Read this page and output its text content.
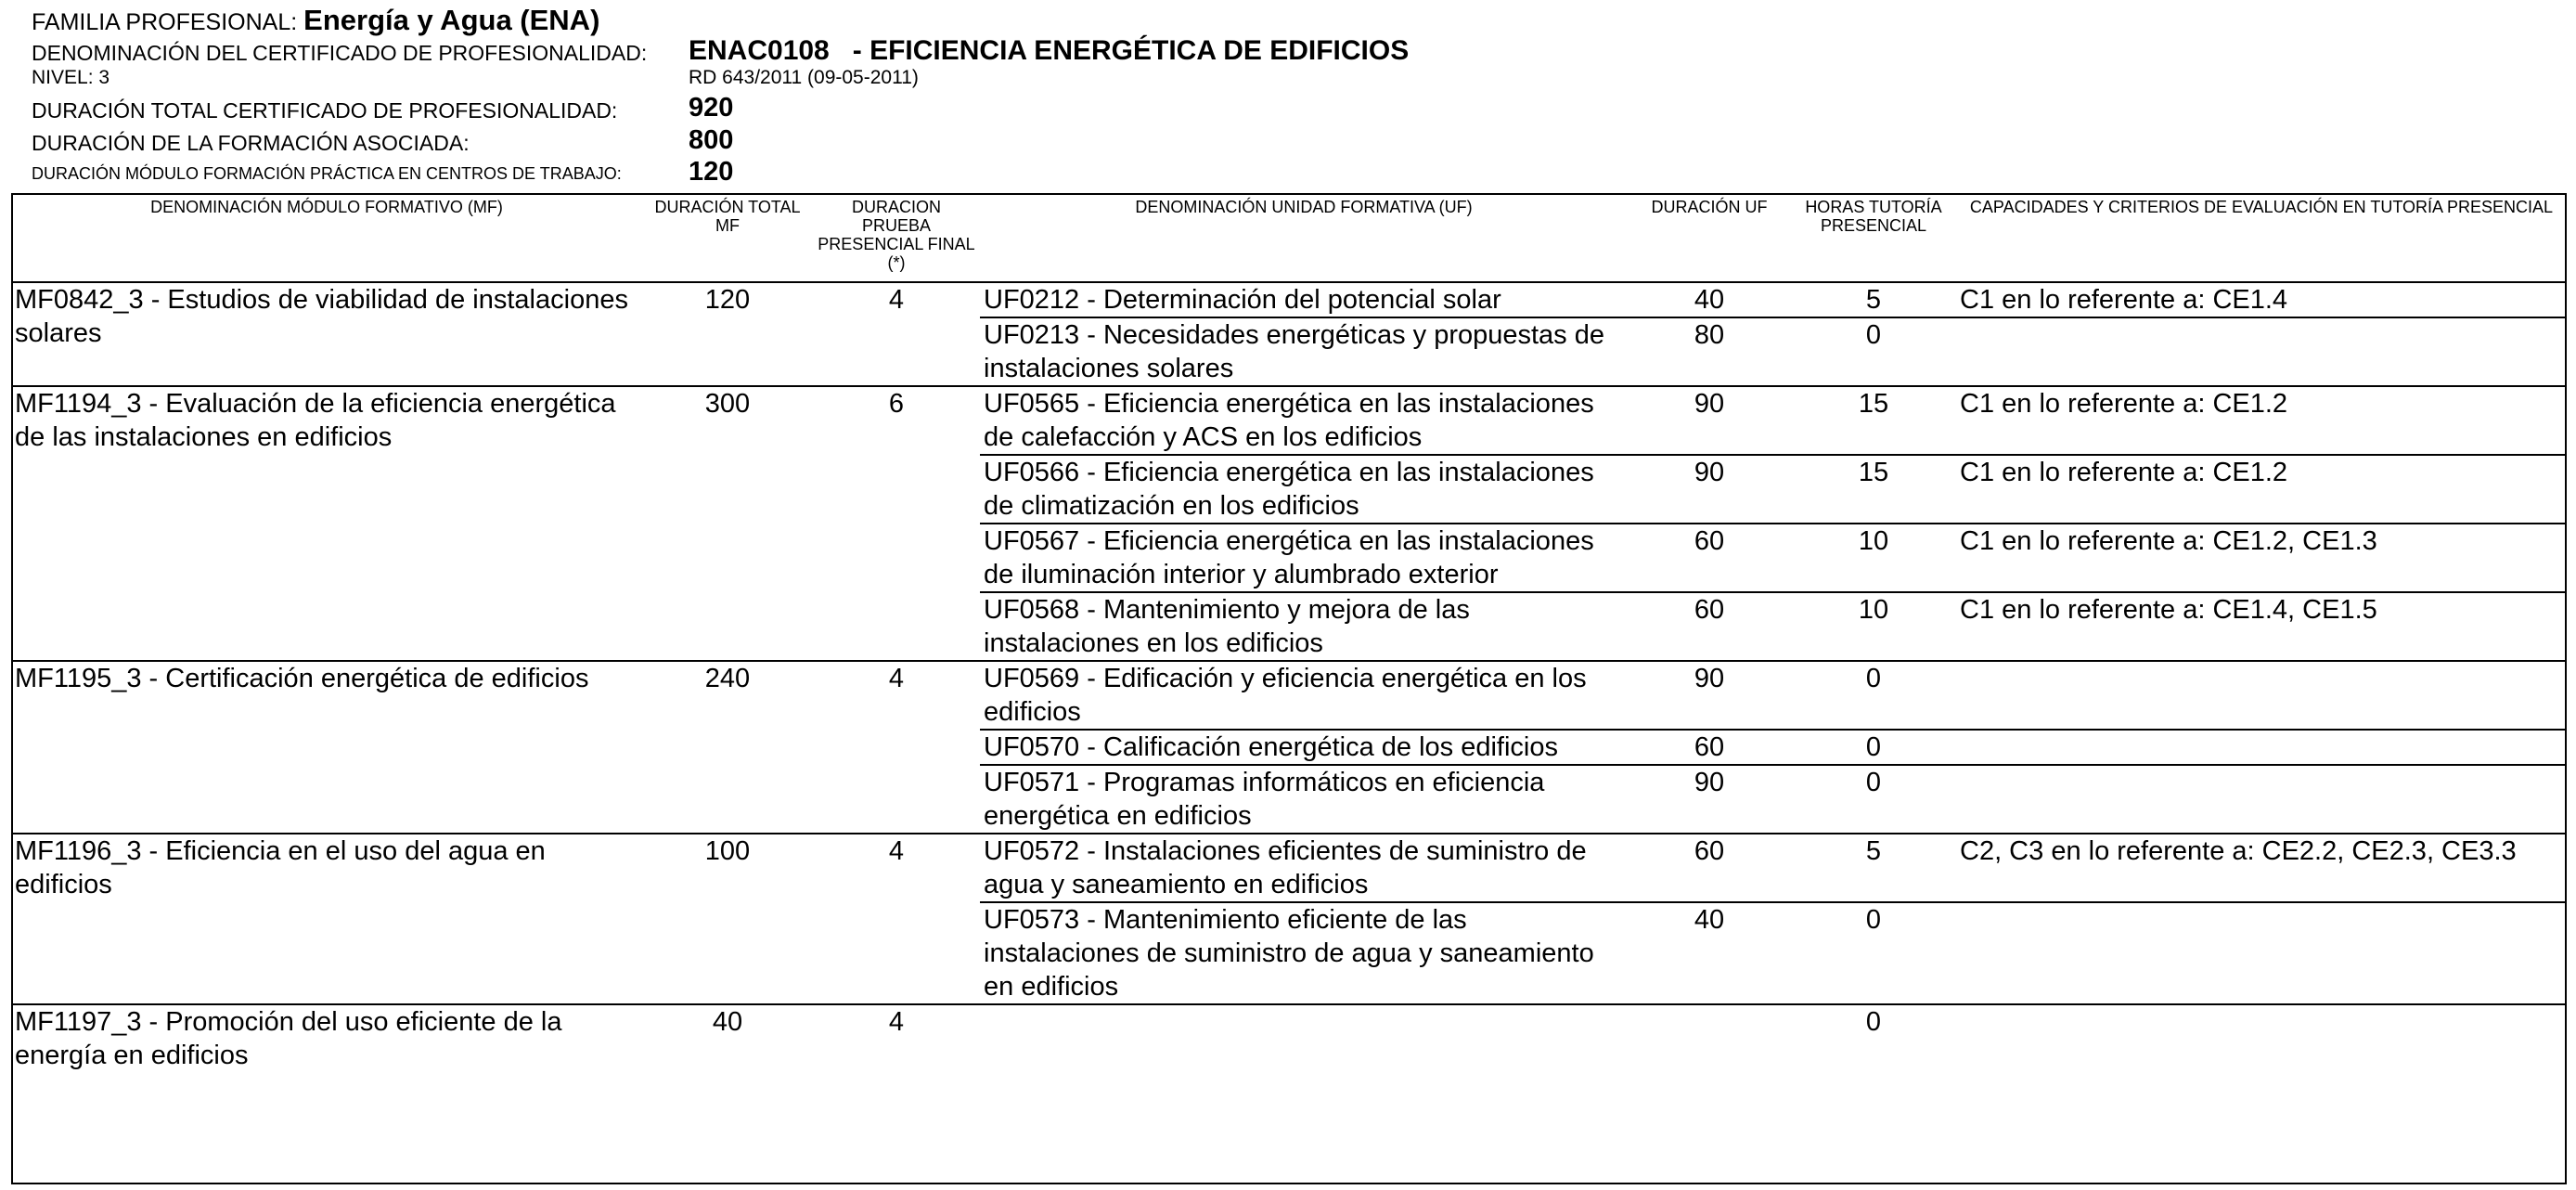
FAMILIA PROFESIONAL: Energía y Agua (ENA)
DENOMINACIÓN DEL CERTIFICADO DE PROFESIONALIDAD: ENAC0108   - EFICIENCIA ENERGÉTICA DE EDIFICIOS
NIVEL: 3	RD 643/2011 (09-05-2011)
DURACIÓN TOTAL CERTIFICADO DE PROFESIONALIDAD:	920
DURACIÓN DE LA FORMACIÓN ASOCIADA:	800
DURACIÓN MÓDULO FORMACIÓN PRÁCTICA EN CENTROS DE TRABAJO: 120
DENOMINACIÓN MÓDULO FORMATIVO (MF)	DURACIÓN TOTAL MF	DURACION PRUEBA PRESENCIAL FINAL (*)	DENOMINACIÓN UNIDAD FORMATIVA (UF)	DURACIÓN UF	HORAS TUTORÍA PRESENCIAL	CAPACIDADES Y CRITERIOS DE EVALUACIÓN EN TUTORÍA PRESENCIAL
MF0842_3 - Estudios de viabilidad de instalaciones solares	120	4	UF0212 - Determinación del potencial solar	40	5	C1 en lo referente a: CE1.4
			UF0213 - Necesidades energéticas y propuestas de instalaciones solares	80	0	
MF1194_3 - Evaluación de la eficiencia energética de las instalaciones en edificios	300	6	UF0565 - Eficiencia energética en las instalaciones de calefacción y ACS en los edificios	90	15	C1 en lo referente a: CE1.2
			UF0566 - Eficiencia energética en las instalaciones de climatización en los edificios	90	15	C1 en lo referente a: CE1.2
			UF0567 - Eficiencia energética en las instalaciones de iluminación interior y alumbrado exterior	60	10	C1 en lo referente a: CE1.2, CE1.3
			UF0568 - Mantenimiento y mejora de las instalaciones en los edificios	60	10	C1 en lo referente a: CE1.4, CE1.5
MF1195_3 - Certificación energética de edificios	240	4	UF0569 - Edificación y eficiencia energética en los edificios	90	0	
			UF0570 - Calificación energética de los edificios	60	0	
			UF0571 - Programas informáticos en eficiencia energética en edificios	90	0	
MF1196_3 - Eficiencia en el uso del agua en edificios	100	4	UF0572 - Instalaciones eficientes de suministro de agua y saneamiento en edificios	60	5	C2, C3 en lo referente a: CE2.2, CE2.3, CE3.3
			UF0573 - Mantenimiento eficiente de las instalaciones de suministro de agua y saneamiento en edificios	40	0	
MF1197_3 - Promoción del uso eficiente de la energía en edificios	40	4			0	
